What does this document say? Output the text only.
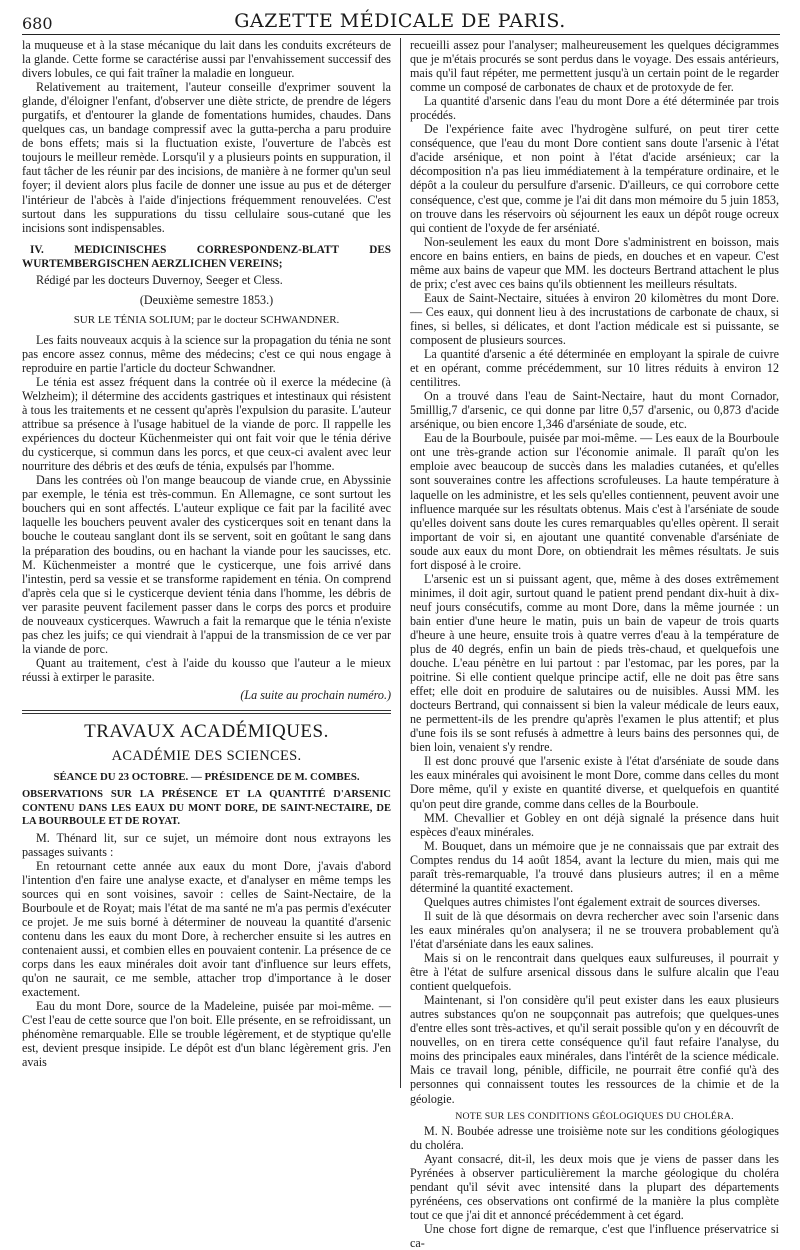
680	GAZETTE MÉDICALE DE PARIS.

la muqueuse et à la stase mécanique du lait dans les conduits excréteurs de la glande. Cette forme se caractérise aussi par l'envahissement successif des divers lobules, ce qui fait traîner la maladie en longueur.

Relativement au traitement, l'auteur conseille d'exprimer souvent la glande, d'éloigner l'enfant, d'observer une diète stricte, de prendre de légers purgatifs, et d'entourer la glande de fomentations humides, chaudes. Dans quelques cas, un bandage compressif avec la gutta-percha a paru produire de bons effets; mais si la fluctuation existe, l'ouverture de l'abcès est toujours le meilleur remède. Lorsqu'il y a plusieurs points en suppuration, il faut tâcher de les réunir par des incisions, de manière à ne former qu'un seul foyer; il devient alors plus facile de donner une issue au pus et de déterger l'intérieur de l'abcès à l'aide d'injections fréquemment renouvelées. C'est surtout dans les suppurations du tissu cellulaire sous-cutané que les incisions sont indispensables.

IV. MEDICINISCHES CORRESPONDENZ-BLATT DES WURTEMBERGISCHEN AERZLICHEN VEREINS;

Rédigé par les docteurs Duvernoy, Seeger et Cless.

(Deuxième semestre 1853.)

SUR LE TÉNIA SOLIUM; par le docteur SCHWANDNER.

Les faits nouveaux acquis à la science sur la propagation du ténia ne sont pas encore assez connus, même des médecins; c'est ce qui nous engage à reproduire en partie l'article du docteur Schwandner.

Le ténia est assez fréquent dans la contrée où il exerce la médecine (à Welzheim); il détermine des accidents gastriques et intestinaux qui résistent à tous les traitements et ne cessent qu'après l'expulsion du parasite. L'auteur attribue sa présence à l'usage habituel de la viande de porc. Il rappelle les expériences du docteur Küchenmeister qui ont fait voir que le ténia dérive du cysticerque, si commun dans les porcs, et que ceux-ci avalent avec leur nourriture des débris et des œufs de ténia, expulsés par l'homme.

Dans les contrées où l'on mange beaucoup de viande crue, en Abyssinie par exemple, le ténia est très-commun. En Allemagne, ce sont surtout les bouchers qui en sont affectés. L'auteur explique ce fait par la facilité avec laquelle les bouchers peuvent avaler des cysticerques soit en tenant dans la bouche le couteau sanglant dont ils se servent, soit en goûtant le sang dans la préparation des boudins, ou en hachant la viande pour les saucisses, etc. M. Küchenmeister a montré que le cysticerque, une fois arrivé dans l'intestin, perd sa vessie et se transforme rapidement en ténia. On comprend d'après cela que si le cysticerque devient ténia dans l'homme, les débris de ver parasite peuvent facilement passer dans le corps des porcs et produire de nouveaux cysticerques. Wawruch a fait la remarque que le ténia n'existe pas chez les juifs; ce qui viendrait à l'appui de la transmission de ce ver par la viande de porc.

Quant au traitement, c'est à l'aide du kousso que l'auteur a le mieux réussi à extirper le parasite.

(La suite au prochain numéro.)

TRAVAUX ACADÉMIQUES.

ACADÉMIE DES SCIENCES.

SÉANCE DU 23 OCTOBRE. — PRÉSIDENCE DE M. COMBES.

OBSERVATIONS SUR LA PRÉSENCE ET LA QUANTITÉ D'ARSENIC CONTENU DANS LES EAUX DU MONT DORE, DE SAINT-NECTAIRE, DE LA BOURBOULE ET DE ROYAT.

M. Thénard lit, sur ce sujet, un mémoire dont nous extrayons les passages suivants :

En retournant cette année aux eaux du mont Dore, j'avais d'abord l'intention d'en faire une analyse exacte, et d'analyser en même temps les sources qui en sont voisines, savoir : celles de Saint-Nectaire, de la Bourboule et de Royat; mais l'état de ma santé ne m'a pas permis d'exécuter ce projet. Je me suis borné à déterminer de nouveau la quantité d'arsenic contenu dans les eaux du mont Dore, à rechercher ensuite si les autres en contenaient aussi, et combien elles en pouvaient contenir. La présence de ce corps dans les eaux minérales doit avoir tant d'influence sur leurs effets, qu'on ne saurait, ce me semble, attacher trop d'importance à le doser exactement.

Eau du mont Dore, source de la Madeleine, puisée par moi-même. — C'est l'eau de cette source que l'on boit. Elle présente, en se refroidissant, un phénomène remarquable. Elle se trouble légèrement, et de styptique qu'elle est, devient presque insipide. Le dépôt est d'un blanc légèrement gris. J'en avais

recueilli assez pour l'analyser; malheureusement les quelques décigrammes que je m'étais procurés se sont perdus dans le voyage. Des essais antérieurs, mais qu'il faut répéter, me permettent jusqu'à un certain point de le regarder comme un composé de carbonates de chaux et de protoxyde de fer.

La quantité d'arsenic dans l'eau du mont Dore a été déterminée par trois procédés.

De l'expérience faite avec l'hydrogène sulfuré, on peut tirer cette conséquence, que l'eau du mont Dore contient sans doute l'arsenic à l'état d'acide arsénique, et non point à l'état d'acide arsénieux; car la décomposition n'a pas lieu immédiatement à la température ordinaire, et le dépôt a la couleur du persulfure d'arsenic. D'ailleurs, ce qui corrobore cette conséquence, c'est que, comme je l'ai dit dans mon mémoire du 5 juin 1853, on trouve dans les réservoirs où séjournent les eaux un dépôt rouge ocreux qui contient de l'oxyde de fer arséniaté.

Non-seulement les eaux du mont Dore s'administrent en boisson, mais encore en bains entiers, en bains de pieds, en douches et en vapeur. C'est même aux bains de vapeur que MM. les docteurs Bertrand attachent le plus de prix; c'est avec ces bains qu'ils obtiennent les meilleurs résultats.

Eaux de Saint-Nectaire, situées à environ 20 kilomètres du mont Dore. — Ces eaux, qui donnent lieu à des incrustations de carbonate de chaux, si fines, si belles, si délicates, et dont l'action médicale est si puissante, se composent de plusieurs sources.

La quantité d'arsenic a été déterminée en employant la spirale de cuivre et en opérant, comme précédemment, sur 10 litres réduits à environ 12 centilitres.

On a trouvé dans l'eau de Saint-Nectaire, haut du mont Cornador, 5milllig,7 d'arsenic, ce qui donne par litre 0,57 d'arsenic, ou 0,873 d'acide arsénique, ou bien encore 1,346 d'arséniate de soude, etc.

Eau de la Bourboule, puisée par moi-même. — Les eaux de la Bourboule ont une très-grande action sur l'économie animale. Il paraît qu'on les emploie avec beaucoup de succès dans les maladies cutanées, et qu'elles sont souveraines contre les affections scrofuleuses. La haute température à laquelle on les administre, et les sels qu'elles contiennent, peuvent avoir une influence marquée sur les résultats obtenus. Mais c'est à l'arséniate de soude qu'elles doivent sans doute les cures remarquables qu'elles opèrent. Il serait important de voir si, en ajoutant une quantité convenable d'arséniate de soude aux eaux du mont Dore, on obtiendrait les mêmes résultats. Je suis fort disposé à le croire.

L'arsenic est un si puissant agent, que, même à des doses extrêmement minimes, il doit agir, surtout quand le patient prend pendant dix-huit à dix-neuf jours consécutifs, comme au mont Dore, dans la même journée : un bain entier d'une heure le matin, puis un bain de vapeur de trois quarts d'heure à une heure, ensuite trois à quatre verres d'eau à la température de plus de 40 degrés, enfin un bain de pieds très-chaud, et quelquefois une douche. L'eau pénètre en lui partout : par l'estomac, par les pores, par la poitrine. Si elle contient quelque principe actif, elle ne doit pas être sans effet; elle doit en produire de salutaires ou de nuisibles. Aussi MM. les docteurs Bertrand, qui connaissent si bien la valeur médicale de leurs eaux, ne permettent-ils de les prendre qu'après l'examen le plus attentif; et plus d'une fois ils se sont refusés à admettre à leurs bains des personnes qui, de bien loin, venaient s'y rendre.

Il est donc prouvé que l'arsenic existe à l'état d'arséniate de soude dans les eaux minérales qui avoisinent le mont Dore, comme dans celles du mont Dore même, qu'il y existe en quantité diverse, et quelquefois en quantité qu'on peut dire grande, comme dans celles de la Bourboule.

MM. Chevallier et Gobley en ont déjà signalé la présence dans huit espèces d'eaux minérales.

M. Bouquet, dans un mémoire que je ne connaissais que par extrait des Comptes rendus du 14 août 1854, avant la lecture du mien, mais qui me paraît très-remarquable, l'a trouvé dans plusieurs autres; il en a même déterminé la quantité exactement.

Quelques autres chimistes l'ont également extrait de sources diverses.

Il suit de là que désormais on devra rechercher avec soin l'arsenic dans les eaux minérales qu'on analysera; il ne se trouvera probablement qu'à l'état d'arséniate dans les eaux salines.

Mais si on le rencontrait dans quelques eaux sulfureuses, il pourrait y être à l'état de sulfure arsenical dissous dans le sulfure alcalin que l'eau contient quelquefois.

Maintenant, si l'on considère qu'il peut exister dans les eaux plusieurs autres substances qu'on ne soupçonnait pas autrefois; que quelques-unes d'entre elles sont très-actives, et qu'il serait possible qu'on y en découvrît de nouvelles, on en tirera cette conséquence qu'il faut refaire l'analyse, du moins des principales eaux minérales, dans l'intérêt de la science médicale. Mais ce travail long, pénible, difficile, ne pourrait être confié qu'à des personnes qui connaissent toutes les ressources de la chimie et de la géologie.

NOTE SUR LES CONDITIONS GÉOLOGIQUES DU CHOLÉRA.

M. N. Boubée adresse une troisième note sur les conditions géologiques du choléra.

Ayant consacré, dit-il, les deux mois que je viens de passer dans les Pyrénées à observer particulièrement la marche géologique du choléra pendant qu'il sévit avec intensité dans la plupart des départements pyrénéens, ces observations ont confirmé de la manière la plus complète tout ce que j'ai dit et annoncé précédemment à cet égard.

Une chose fort digne de remarque, c'est que l'influence préservatrice si ca-
